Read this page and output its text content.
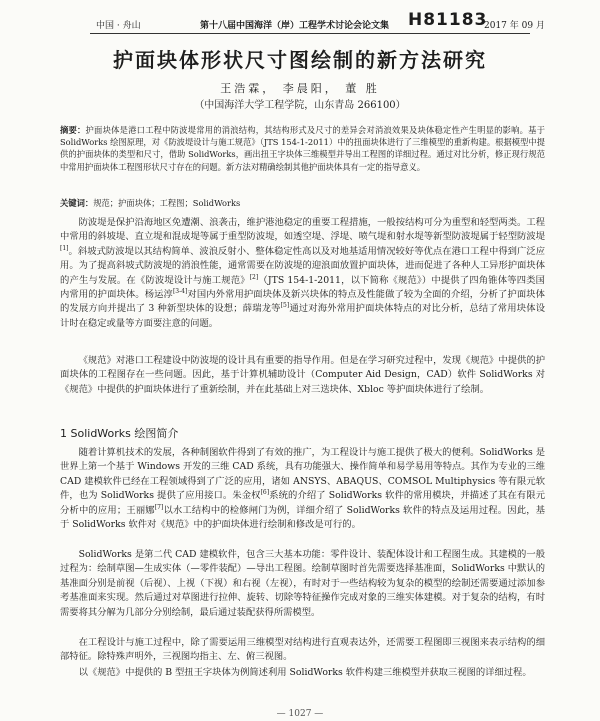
中国 · 舟山	第十八届中国海洋（岸）工程学术讨论会论文集 H81183
2017 年 09 月
护面块体形状尺寸图绘制的新方法研究
王浩霖， 李晨阳， 董 胜
（中国海洋大学工程学院，山东青岛 266100）

摘要：护面块体是港口工程中防波堤常用的消浪结构，其结构形式及尺寸的差异会对消浪效果及块体稳定性产生明显的影响。基于 SolidWorks 绘图原理，对《防波堤设计与施工规范》（JTS 154-1-2011）中的扭面块体进行了三维模型的重新构建。根据模型中提供的护面块体的类型和尺寸，借助 SolidWorks，画出扭王字块体三维模型并导出工程图的详细过程。通过对比分析，修正现行规范中常用护面块体工程图形状尺寸存在的问题。新方法对精确绘制其他护面块体具有一定的指导意义。

关键词：规范；护面块体；工程图；SolidWorks

防波堤是保护沿海地区免遭潮、浪袭击，维护港池稳定的重要工程措施，一般按结构可分为重型和轻型两类。工程中常用的斜坡堤、直立堤和混成堤等属于重型防波堤，如透空堤、浮堤、喷气堤和射水堤等新型防波堤属于轻型防波堤[1]。斜坡式防波堤以其结构简单、波浪反射小、整体稳定性高以及对地基适用情况较好等优点在港口工程中得到广泛应用。为了提高斜坡式防波堤的消浪性能，通常需要在防波堤的迎浪面放置护面块体，进而促进了各种人工异形护面块体的产生与发展。在《防波堤设计与施工规范》[2]（JTS 154-1-2011，以下简称《规范》）中提供了四角锥体等四类国内常用的护面块体。杨运淳[3-4]对国内外常用护面块体及新兴块体的特点及性能做了较为全面的介绍，分析了护面块体的发展方向并提出了 3 种新型块体的设想；薛瑞龙等[5]通过对海外常用护面块体特点的对比分析，总结了常用块体设计时在稳定或量等方面要注意的问题。

《规范》对港口工程建设中防波堤的设计具有重要的指导作用。但是在学习研究过程中，发现《规范》中提供的护面块体的工程图存在一些问题。因此，基于计算机辅助设计（Computer Aid Design，CAD）软件 SolidWorks 对《规范》中提供的护面块体进行了重新绘制，并在此基础上对三迭块体、Xbloc 等护面块体进行了绘制。

1 SolidWorks 绘图简介

随着计算机技术的发展，各种制图软件得到了有效的推广，为工程设计与施工提供了极大的便利。SolidWorks 是世界上第一个基于 Windows 开发的三维 CAD 系统，具有功能强大、操作简单和易学易用等特点。其作为专业的三维 CAD 建模软件已经在工程领域得到了广泛的应用，诸如 ANSYS、ABAQUS、COMSOL Multiphysics 等有限元软件，也为 SolidWorks 提供了应用接口。朱金权[6]系统的介绍了 SolidWorks 软件的常用模块，并描述了其在有限元分析中的应用；王丽娜[7]以水工结构中的检修闸门为例，详细介绍了 SolidWorks 软件的特点及运用过程。因此，基于 SolidWorks 软件对《规范》中的护面块体进行绘制和修改是可行的。

SolidWorks 是第二代 CAD 建模软件，包含三大基本功能：零件设计、装配体设计和工程图生成。其建模的一般过程为：绘制草图—生成实体（—零件装配）—导出工程图。绘制草图时首先需要选择基准面，SolidWorks 中默认的基准面分别是前视（后视）、上视（下视）和右视（左视），有时对于一些结构较为复杂的模型的绘制还需要通过添加参考基准面来实现。然后通过对草图进行拉伸、旋转、切除等特征操作完成对象的三维实体建模。对于复杂的结构，有时需要将其分解为几部分分别绘制，最后通过装配获得所需模型。

在工程设计与施工过程中，除了需要运用三维模型对结构进行直观表达外，还需要工程图即三视图来表示结构的细部特征。除特殊声明外，三视图均指主、左、俯三视图。

以《规范》中提供的 B 型扭王字块体为例简述利用 SolidWorks 软件构建三维模型并获取三视图的详细过程。

— 1027 —
